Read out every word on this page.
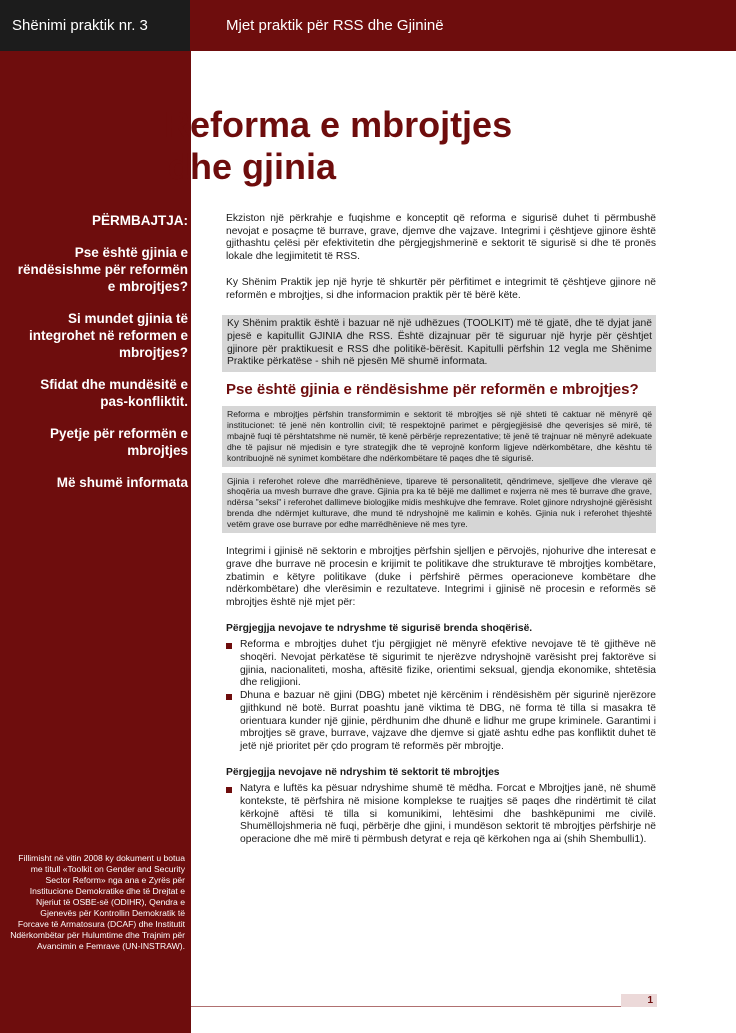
Shënimi praktik nr. 3	Mjet praktik për RSS dhe Gjininë
Reforma e mbrojtjes
dhe gjinia
PËRMBAJTJA:
Pse është gjinia e rëndësishme për reformën e mbrojtjes?
Si mundet gjinia të integrohet në reformen e mbrojtjes?
Sfidat dhe mundësitë e pas-konfliktit.
Pyetje për reformën e mbrojtjes
Më shumë informata
Fillimisht në vitin 2008 ky dokument u botua me titull «Toolkit on Gender and Security Sector Reform» nga ana e Zyrës për Institucione Demokratike dhe të Drejtat e Njeriut të OSBE-së (ODIHR), Qendra e Gjenevës për Kontrollin Demokratik të Forcave të Armatosura (DCAF) dhe Institutit Ndërkombëtar për Hulumtime dhe Trajnim për Avancimin e Femrave (UN-INSTRAW).

Ekziston një përkrahje e fuqishme e konceptit që reforma e sigurisë duhet ti përmbushë nevojat e posaçme të burrave, grave, djemve dhe vajzave. Integrimi i çështjeve gjinore është gjithashtu çelësi për efektivitetin dhe përgjegjshmerinë e sektorit të sigurisë si dhe të pronës lokale dhe legjimitetit të RSS.

Ky Shënim Praktik jep një hyrje të shkurtër për përfitimet e integrimit të çështjeve gjinore në reformën e mbrojtjes, si dhe informacion praktik për të bërë këte.

Ky Shënim praktik është i bazuar në një udhëzues (TOOLKIT) më të gjatë, dhe të dyjat janë pjesë e kapitullit GJINIA dhe RSS. Është dizajnuar për të siguruar një hyrje për çështjet gjinore për praktikuesit e RSS dhe politikë-bërësit. Kapitulli përfshin 12 vegla me Shënime Praktike përkatëse - shih në pjesën Më shumë informata.

Pse është gjinia e rëndësishme për reformën e mbrojtjes?

Reforma e mbrojtjes përfshin transformimin e sektorit të mbrojtjes së një shteti të caktuar në mënyrë që institucionet: të jenë nën kontrollin civil; të respektojnë parimet e përgjegjësisë dhe qeverisjes së mirë, të mbajnë fuqi të përshtatshme në numër, të kenë përbërje reprezentative; të jenë të trajnuar në mënyrë adekuate dhe të pajisur në mjedisin e tyre strategjik dhe të veprojnë konform ligjeve ndërkombëtare, dhe kështu të kontribuojnë në synimet kombëtare dhe ndërkombëtare të paqes dhe të sigurisë.

Gjinia i referohet roleve dhe marrëdhënieve, tipareve të personalitetit, qëndrimeve, sjelljeve dhe vlerave që shoqëria ua mvesh burrave dhe grave. Gjinia pra ka të bëjë me dallimet e nxjerra në mes të burrave dhe grave, ndërsa "seksi" i referohet dallimeve biologjike midis meshkujve dhe femrave. Rolet gjinore ndryshojnë gjërësisht brenda dhe ndërmjet kulturave, dhe mund të ndryshojnë me kalimin e kohës. Gjinia nuk i referohet thjeshtë vetëm grave ose burrave por edhe marrëdhënieve në mes tyre.

Integrimi i gjinisë në sektorin e mbrojtjes përfshin sjelljen e përvojës, njohurive dhe interesat e grave dhe burrave në procesin e krijimit te politikave dhe strukturave të mbrojtjes kombëtare, zbatimin e këtyre politikave (duke i përfshirë përmes operacioneve kombëtare dhe ndërkombëtare) dhe vlerësimin e rezultateve. Integrimi i gjinisë në procesin e reformës së mbrojtjes është një mjet për:

Përgjegjja nevojave te ndryshme të sigurisë brenda shoqërisë.
Reforma e mbrojtjes duhet t'ju përgjigjet në mënyrë efektive nevojave të të gjithëve në shoqëri. Nevojat përkatëse të sigurimit te njerëzve ndryshojnë varësisht prej faktorëve si gjinia, nacionaliteti, mosha, aftësitë fizike, orientimi seksual, gjendja ekonomike, shtetësia dhe religjioni.
Dhuna e bazuar në gjini (DBG) mbetet një kërcënim i rëndësishëm për sigurinë njerëzore gjithkund në botë. Burrat poashtu janë viktima të DBG, në forma të tilla si masakra të orientuara kunder një gjinie, përdhunim dhe dhunë e lidhur me grupe kriminele. Garantimi i mbrojtjes së grave, burrave, vajzave dhe djemve si gjatë ashtu edhe pas konfliktit duhet të jetë një prioritet për çdo program të reformës për mbrojtje.
Përgjegjja nevojave në ndryshim të sektorit të mbrojtjes
Natyra e luftës ka pësuar ndryshime shumë të mëdha. Forcat e Mbrojtjes janë, në shumë kontekste, të përfshira në misione komplekse te ruajtjes së paqes dhe rindërtimit të cilat kërkojnë aftësi të tilla si komunikimi, lehtësimi dhe bashkëpunimi me civilë. Shumëllojshmeria në fuqi, përbërje dhe gjini, i mundëson sektorit të mbrojtjes përfshirje në operacione dhe më mirë ti përmbush detyrat e reja që kërkohen nga ai (shih Shembulli1).
1
